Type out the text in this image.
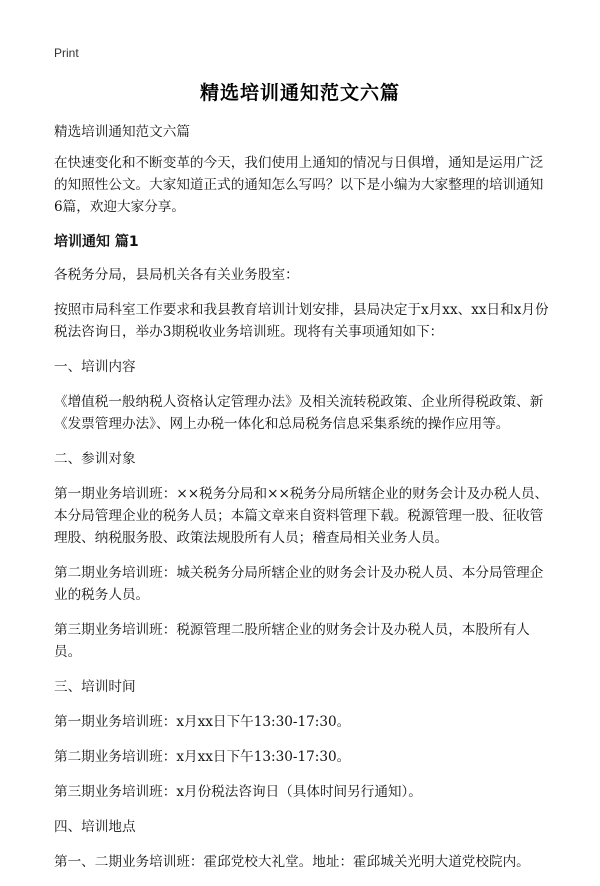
Print
精选培训通知范文六篇

精选培训通知范文六篇

在快速变化和不断变革的今天，我们使用上通知的情况与日俱增，通知是运用广泛的知照性公文。大家知道正式的通知怎么写吗？以下是小编为大家整理的培训通知6篇，欢迎大家分享。

培训通知 篇1

各税务分局，县局机关各有关业务股室：

按照市局科室工作要求和我县教育培训计划安排，县局决定于x月xx、xx日和x月份税法咨询日，举办3期税收业务培训班。现将有关事项通知如下：

一、培训内容

《增值税一般纳税人资格认定管理办法》及相关流转税政策、企业所得税政策、新《发票管理办法》、网上办税一体化和总局税务信息采集系统的操作应用等。

二、参训对象

第一期业务培训班：××税务分局和××税务分局所辖企业的财务会计及办税人员、本分局管理企业的税务人员；本篇文章来自资料管理下载。税源管理一股、征收管理股、纳税服务股、政策法规股所有人员；稽查局相关业务人员。

第二期业务培训班：城关税务分局所辖企业的财务会计及办税人员、本分局管理企业的税务人员。

第三期业务培训班：税源管理二股所辖企业的财务会计及办税人员，本股所有人员。

三、培训时间

第一期业务培训班：x月xx日下午13:30-17:30。

第二期业务培训班：x月xx日下午13:30-17:30。

第三期业务培训班：x月份税法咨询日（具体时间另行通知）。

四、培训地点

第一、二期业务培训班：霍邱党校大礼堂。地址：霍邱城关光明大道党校院内。
